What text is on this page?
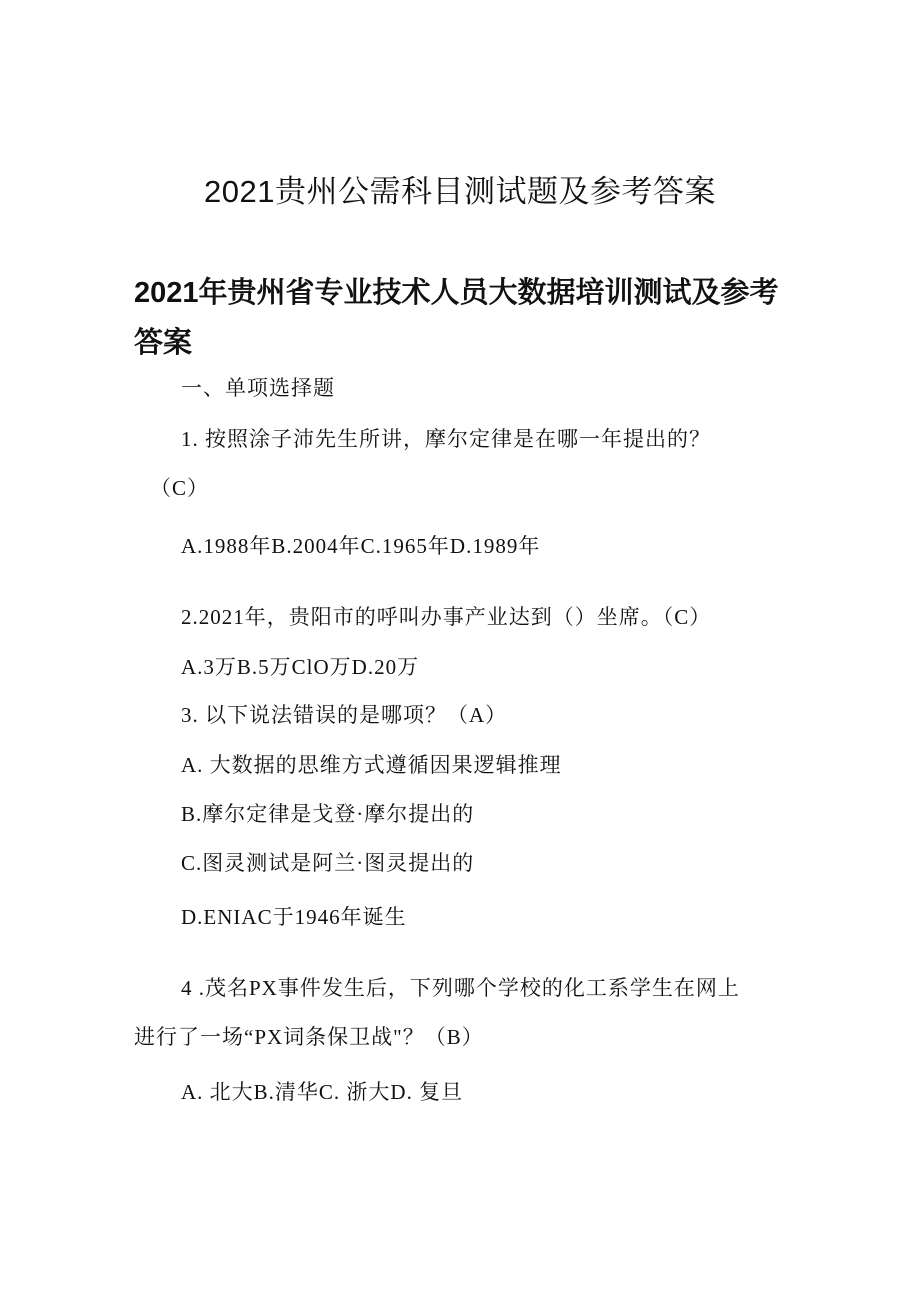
2021贵州公需科目测试题及参考答案
2021年贵州省专业技术人员大数据培训测试及参考答案

一、单项选择题

1. 按照涂子沛先生所讲，摩尔定律是在哪一年提出的？

（C）

A.1988年B.2004年C.1965年D.1989年

2.2021年，贵阳市的呼叫办事产业达到（）坐席。（C）

A.3万B.5万ClO万D.20万

3. 以下说法错误的是哪项？（A）

A. 大数据的思维方式遵循因果逻辑推理

B.摩尔定律是戈登·摩尔提出的

C.图灵测试是阿兰·图灵提出的

D.ENIAC于1946年诞生

4 .茂名PX事件发生后，下列哪个学校的化工系学生在网上

进行了一场“PX词条保卫战"？（B）

A. 北大B.清华C. 浙大D. 复旦
